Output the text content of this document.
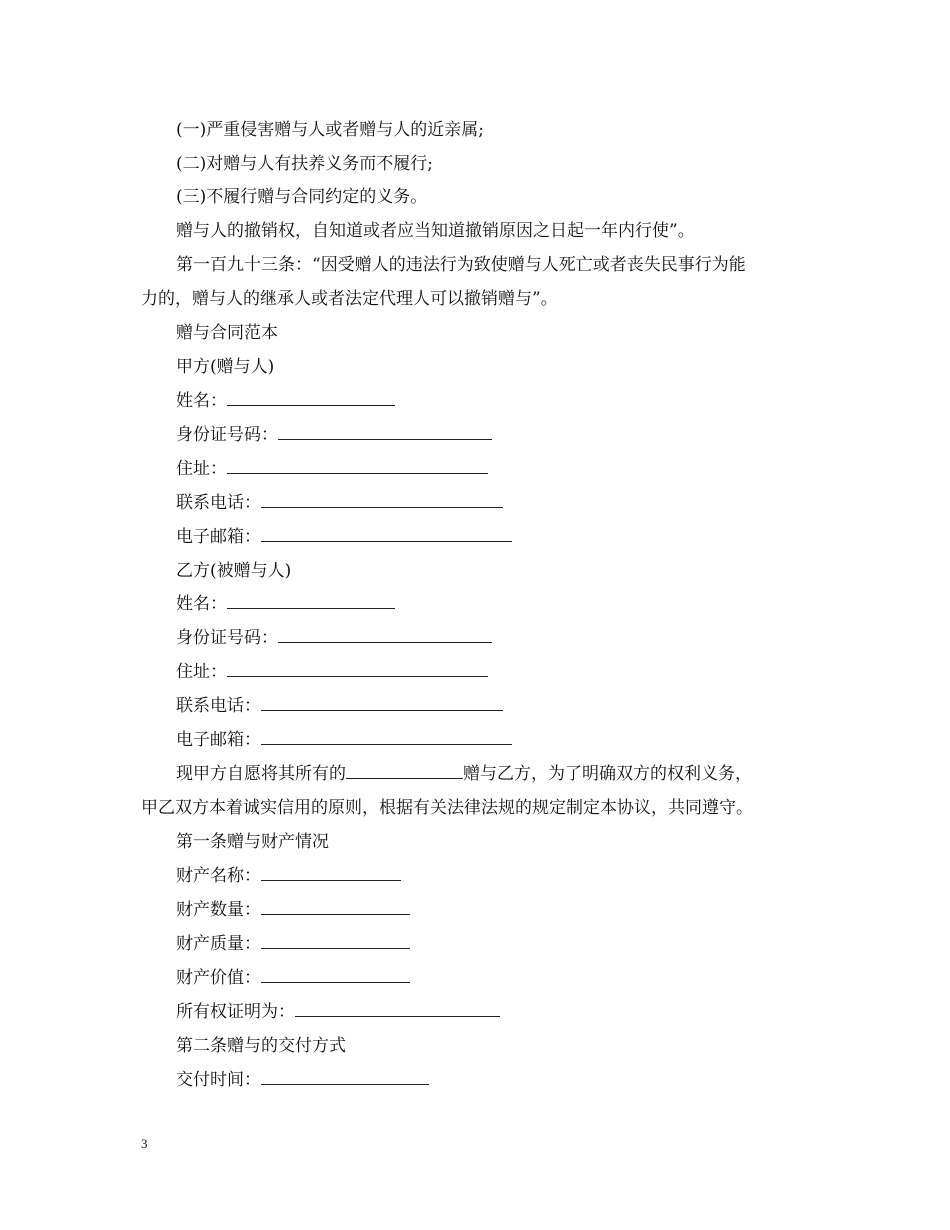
(一)严重侵害赠与人或者赠与人的近亲属;
(二)对赠与人有扶养义务而不履行;
(三)不履行赠与合同约定的义务。
赠与人的撤销权，自知道或者应当知道撤销原因之日起一年内行使”。
第一百九十三条：“因受赠人的违法行为致使赠与人死亡或者丧失民事行为能
力的，赠与人的继承人或者法定代理人可以撤销赠与”。
赠与合同范本
甲方(赠与人)
姓名：
身份证号码：
住址：
联系电话：
电子邮箱：
乙方(被赠与人)
姓名：
身份证号码：
住址：
联系电话：
电子邮箱：
现甲方自愿将其所有的	赠与乙方，为了明确双方的权利义务，
甲乙双方本着诚实信用的原则，根据有关法律法规的规定制定本协议，共同遵守。
第一条赠与财产情况
财产名称：
财产数量：
财产质量：
财产价值：
所有权证明为：
第二条赠与的交付方式
交付时间：
3
